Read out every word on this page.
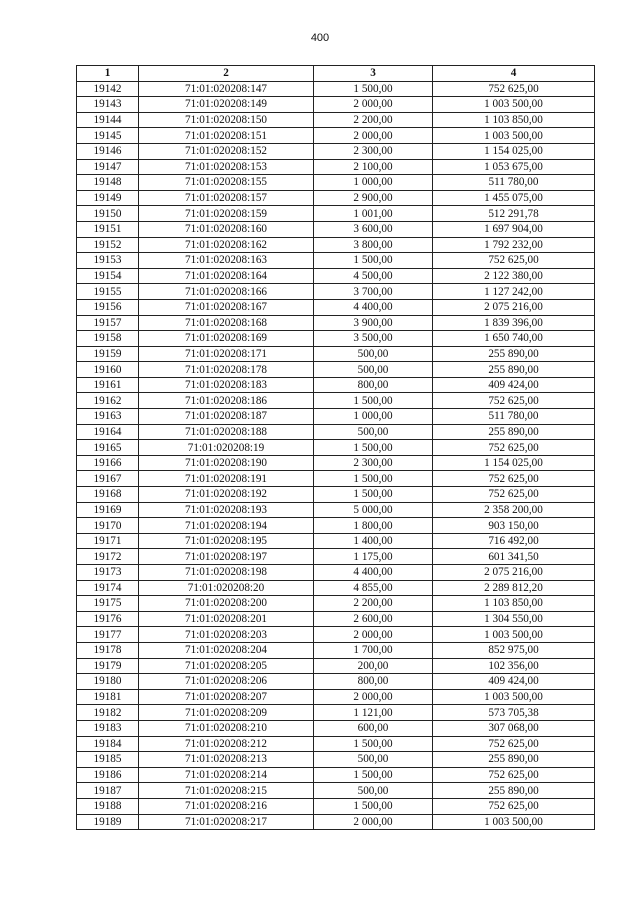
400
1	2	3	4
19142	71:01:020208:147	1 500,00	752 625,00
19143	71:01:020208:149	2 000,00	1 003 500,00
19144	71:01:020208:150	2 200,00	1 103 850,00
19145	71:01:020208:151	2 000,00	1 003 500,00
19146	71:01:020208:152	2 300,00	1 154 025,00
19147	71:01:020208:153	2 100,00	1 053 675,00
19148	71:01:020208:155	1 000,00	511 780,00
19149	71:01:020208:157	2 900,00	1 455 075,00
19150	71:01:020208:159	1 001,00	512 291,78
19151	71:01:020208:160	3 600,00	1 697 904,00
19152	71:01:020208:162	3 800,00	1 792 232,00
19153	71:01:020208:163	1 500,00	752 625,00
19154	71:01:020208:164	4 500,00	2 122 380,00
19155	71:01:020208:166	3 700,00	1 127 242,00
19156	71:01:020208:167	4 400,00	2 075 216,00
19157	71:01:020208:168	3 900,00	1 839 396,00
19158	71:01:020208:169	3 500,00	1 650 740,00
19159	71:01:020208:171	500,00	255 890,00
19160	71:01:020208:178	500,00	255 890,00
19161	71:01:020208:183	800,00	409 424,00
19162	71:01:020208:186	1 500,00	752 625,00
19163	71:01:020208:187	1 000,00	511 780,00
19164	71:01:020208:188	500,00	255 890,00
19165	71:01:020208:19	1 500,00	752 625,00
19166	71:01:020208:190	2 300,00	1 154 025,00
19167	71:01:020208:191	1 500,00	752 625,00
19168	71:01:020208:192	1 500,00	752 625,00
19169	71:01:020208:193	5 000,00	2 358 200,00
19170	71:01:020208:194	1 800,00	903 150,00
19171	71:01:020208:195	1 400,00	716 492,00
19172	71:01:020208:197	1 175,00	601 341,50
19173	71:01:020208:198	4 400,00	2 075 216,00
19174	71:01:020208:20	4 855,00	2 289 812,20
19175	71:01:020208:200	2 200,00	1 103 850,00
19176	71:01:020208:201	2 600,00	1 304 550,00
19177	71:01:020208:203	2 000,00	1 003 500,00
19178	71:01:020208:204	1 700,00	852 975,00
19179	71:01:020208:205	200,00	102 356,00
19180	71:01:020208:206	800,00	409 424,00
19181	71:01:020208:207	2 000,00	1 003 500,00
19182	71:01:020208:209	1 121,00	573 705,38
19183	71:01:020208:210	600,00	307 068,00
19184	71:01:020208:212	1 500,00	752 625,00
19185	71:01:020208:213	500,00	255 890,00
19186	71:01:020208:214	1 500,00	752 625,00
19187	71:01:020208:215	500,00	255 890,00
19188	71:01:020208:216	1 500,00	752 625,00
19189	71:01:020208:217	2 000,00	1 003 500,00
